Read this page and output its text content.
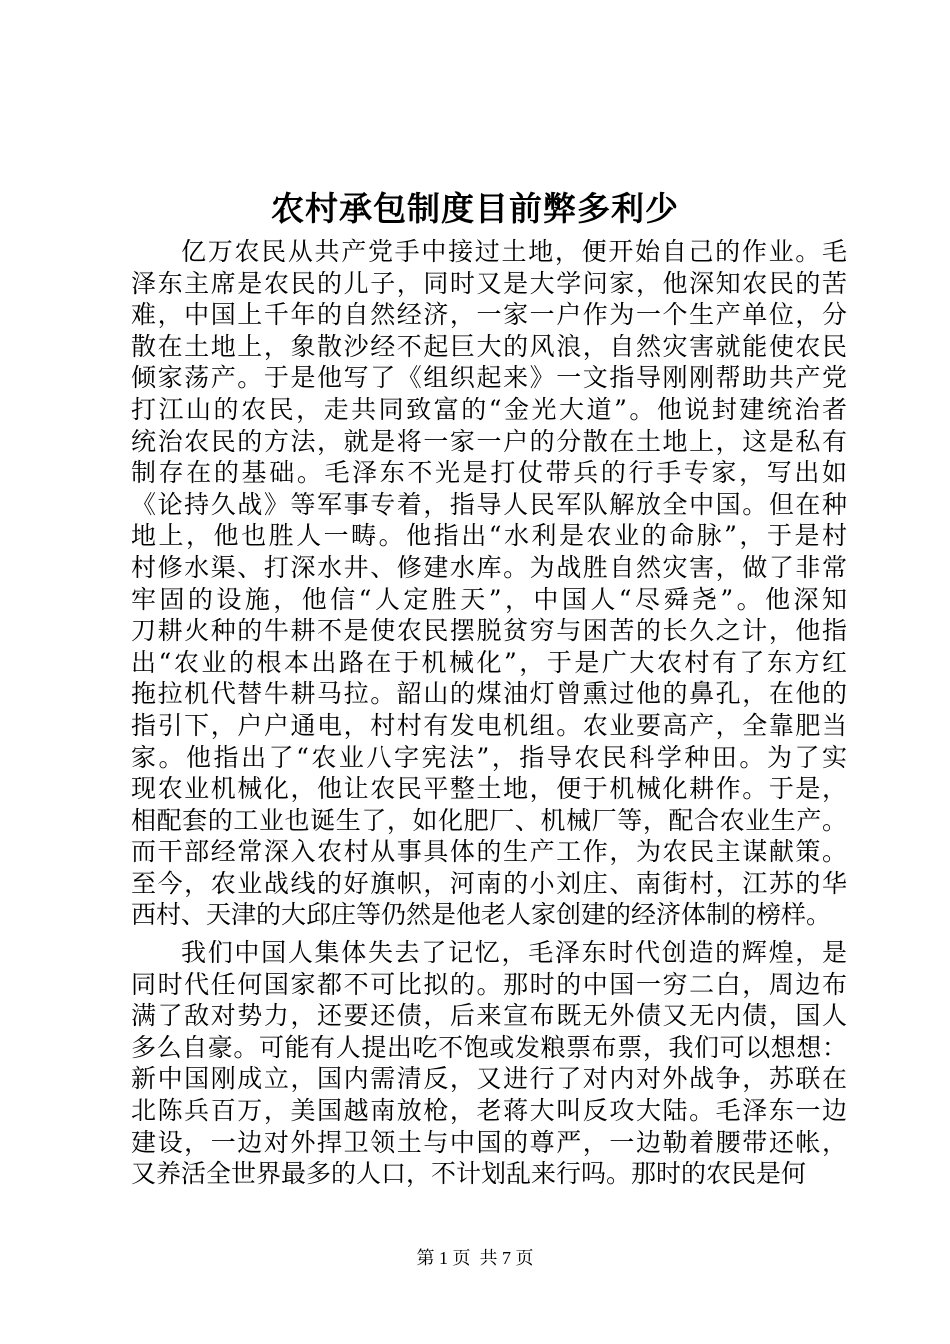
农村承包制度目前弊多利少
亿万农民从共产党手中接过土地，便开始自己的作业。毛
泽东主席是农民的儿子，同时又是大学问家，他深知农民的苦
难，中国上千年的自然经济，一家一户作为一个生产单位，分
散在土地上，象散沙经不起巨大的风浪，自然灾害就能使农民
倾家荡产。于是他写了《组织起来》一文指导刚刚帮助共产党
打江山的农民，走共同致富的“金光大道”。他说封建统治者
统治农民的方法，就是将一家一户的分散在土地上，这是私有
制存在的基础。毛泽东不光是打仗带兵的行手专家，写出如
《论持久战》等军事专着，指导人民军队解放全中国。但在种
地上，他也胜人一畴。他指出“水利是农业的命脉”，于是村
村修水渠、打深水井、修建水库。为战胜自然灾害，做了非常
牢固的设施，他信“人定胜天”，中国人“尽舜尧”。他深知
刀耕火种的牛耕不是使农民摆脱贫穷与困苦的长久之计，他指
出“农业的根本出路在于机械化”，于是广大农村有了东方红
拖拉机代替牛耕马拉。韶山的煤油灯曾熏过他的鼻孔，在他的
指引下，户户通电，村村有发电机组。农业要高产，全靠肥当
家。他指出了“农业八字宪法”，指导农民科学种田。为了实
现农业机械化，他让农民平整土地，便于机械化耕作。于是，
相配套的工业也诞生了，如化肥厂、机械厂等，配合农业生产。
而干部经常深入农村从事具体的生产工作，为农民主谋献策。
至今，农业战线的好旗帜，河南的小刘庄、南街村，江苏的华
西村、天津的大邱庄等仍然是他老人家创建的经济体制的榜样。
我们中国人集体失去了记忆，毛泽东时代创造的辉煌，是
同时代任何国家都不可比拟的。那时的中国一穷二白，周边布
满了敌对势力，还要还债，后来宣布既无外债又无内债，国人
多么自豪。可能有人提出吃不饱或发粮票布票，我们可以想想：
新中国刚成立，国内需清反，又进行了对内对外战争，苏联在
北陈兵百万，美国越南放枪，老蒋大叫反攻大陆。毛泽东一边
建设，一边对外捍卫领土与中国的尊严，一边勒着腰带还帐，
又养活全世界最多的人口，不计划乱来行吗。那时的农民是何
第 1 页 共 7 页
